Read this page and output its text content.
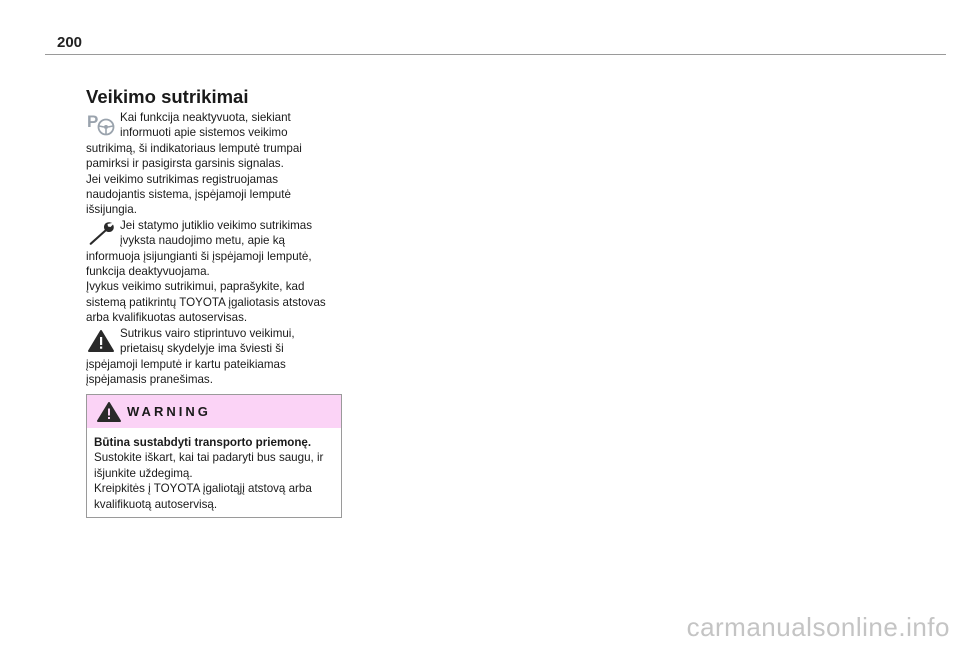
200
Veikimo sutrikimai

P Kai funkcija neaktyvuota, siekiant
informuoti apie sistemos veikimo
sutrikimą, ši indikatoriaus lemputė trumpai
pamirksi ir pasigirsta garsinis signalas.
Jei veikimo sutrikimas registruojamas
naudojantis sistema, įspėjamoji lemputė
išsijungia.

Jei statymo jutiklio veikimo sutrikimas
įvyksta naudojimo metu, apie ką
informuoja įsijungianti ši įspėjamoji lemputė,
funkcija deaktyvuojama.
Įvykus veikimo sutrikimui, paprašykite, kad
sistemą patikrintų TOYOTA įgaliotasis atstovas
arba kvalifikuotas autoservisas.

Sutrikus vairo stiprintuvo veikimui,
prietaisų skydelyje ima šviesti ši
įspėjamoji lemputė ir kartu pateikiamas
įspėjamasis pranešimas.

WARNING
Būtina sustabdyti transporto priemonę.
Sustokite iškart, kai tai padaryti bus saugu, ir
išjunkite uždegimą.
Kreipkitės į TOYOTA įgaliotąjį atstovą arba
kvalifikuotą autoservisą.
carmanualsonline.info
